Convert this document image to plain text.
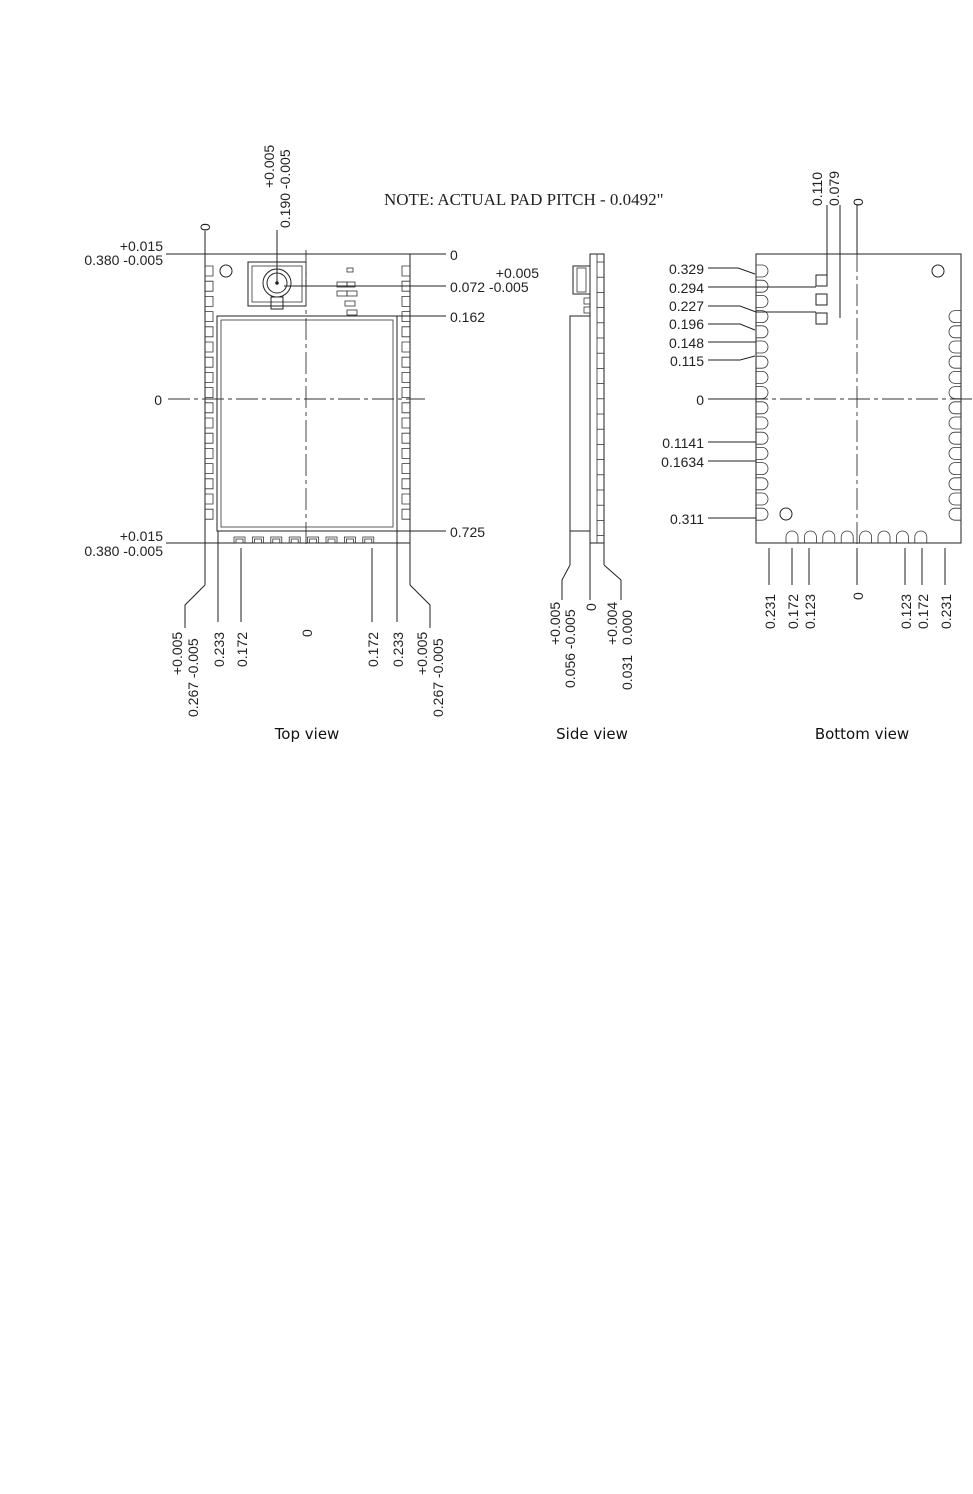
NOTE: ACTUAL PAD PITCH - 0.0492"
+0.005 0.190 -0.005
0
+0.015
0.380 -0.005	0
+0.005
0.072 -0.005
0.162
0
0.725
+0.015
0.380 -0.005
+0.005 0.267 -0.005 0.233 0.172	0	0.172 0.233 +0.005 0.267 -0.005
Top view
+0.005 0.056 -0.005
0 +0.004 0.000
0.031
Side view
0.110 0.079 0
0.329
0.294
0.227
0.196
0.148
0.115
0
0.1141
0.1634
0.311
0.231 0.172 0.123 0 0.123 0.172 0.231
Bottom view
